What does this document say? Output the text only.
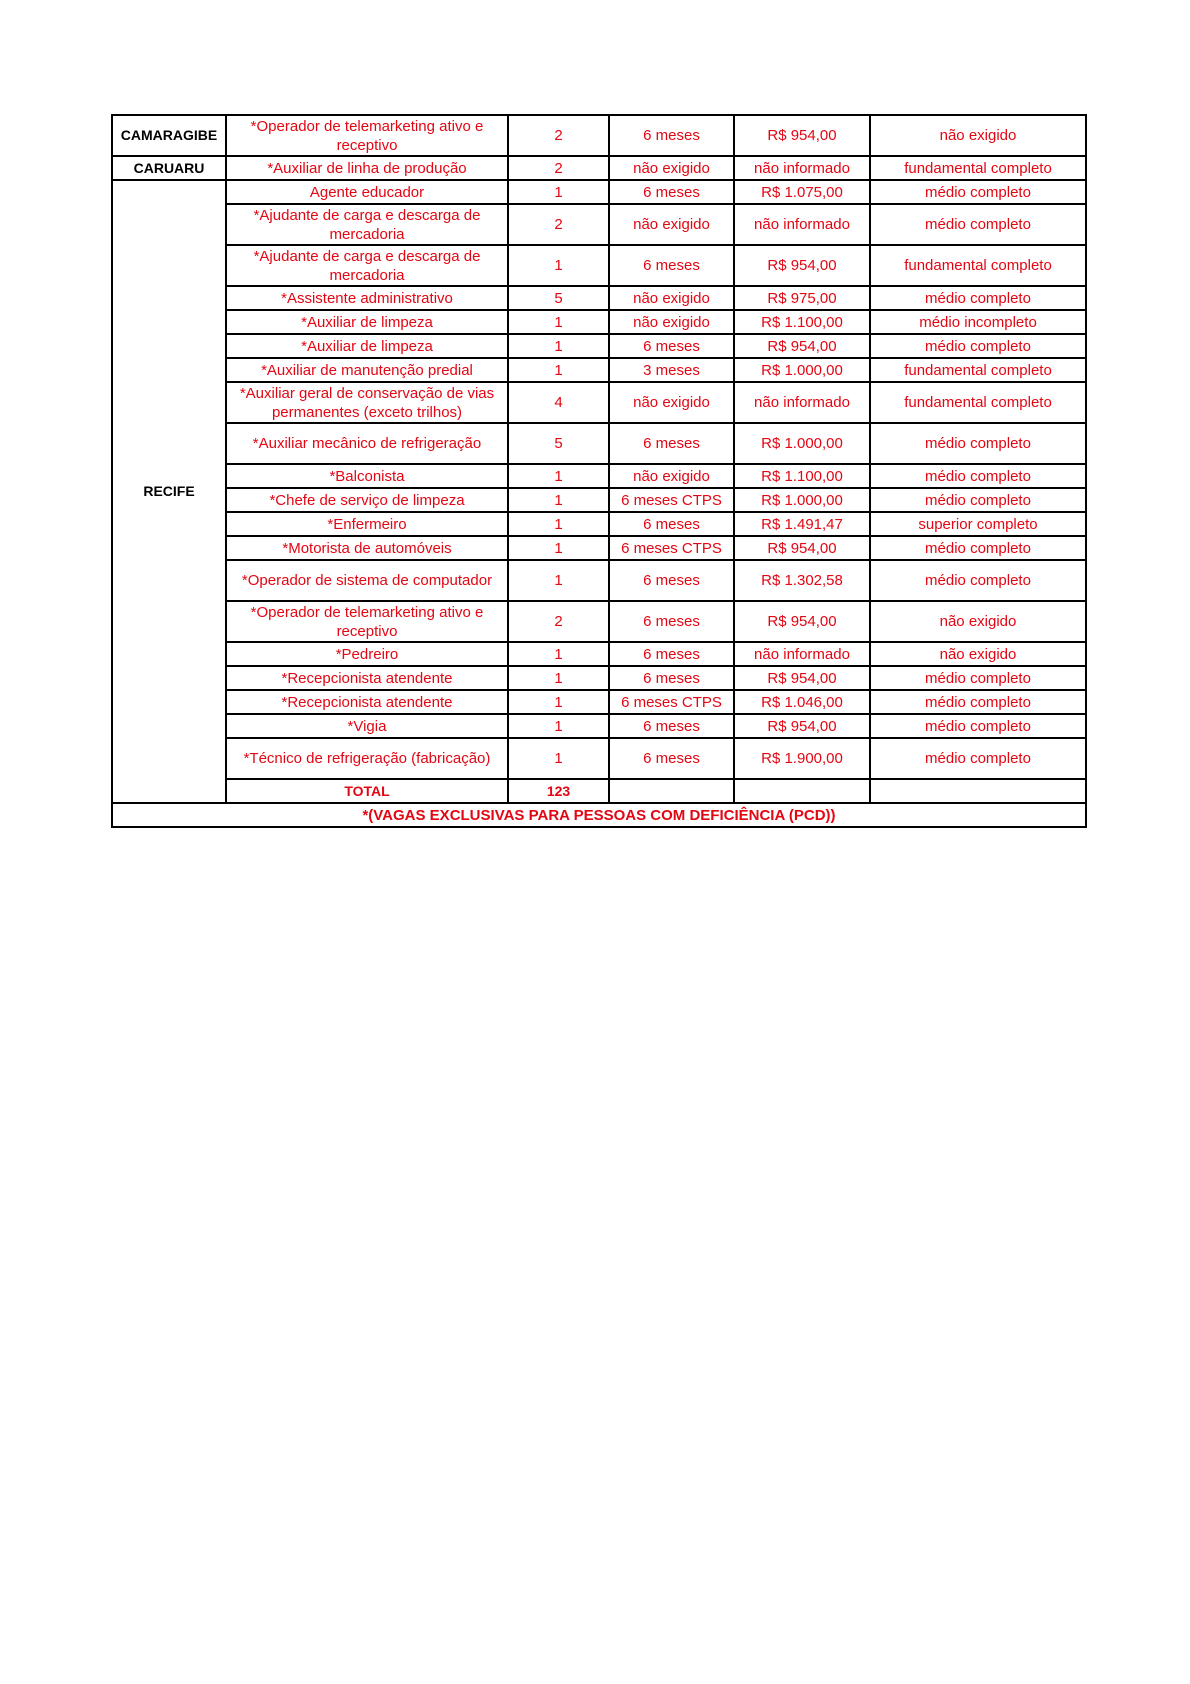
CAMARAGIBE	*Operador de telemarketing ativo e receptivo	2	6 meses	R$ 954,00	não exigido
CARUARU	*Auxiliar de linha de produção	2	não exigido	não informado	fundamental completo
RECIFE	Agente educador	1	6 meses	R$ 1.075,00	médio completo
	*Ajudante de carga e descarga de mercadoria	2	não exigido	não informado	médio completo
	*Ajudante de carga e descarga de mercadoria	1	6 meses	R$ 954,00	fundamental completo
	*Assistente administrativo	5	não exigido	R$ 975,00	médio completo
	*Auxiliar de limpeza	1	não exigido	R$ 1.100,00	médio incompleto
	*Auxiliar de limpeza	1	6 meses	R$ 954,00	médio completo
	*Auxiliar de manutenção predial	1	3 meses	R$ 1.000,00	fundamental completo
	*Auxiliar geral de conservação de vias permanentes (exceto trilhos)	4	não exigido	não informado	fundamental completo
	*Auxiliar mecânico de refrigeração	5	6 meses	R$ 1.000,00	médio completo
	*Balconista	1	não exigido	R$ 1.100,00	médio completo
	*Chefe de serviço de limpeza	1	6 meses CTPS	R$ 1.000,00	médio completo
	*Enfermeiro	1	6 meses	R$ 1.491,47	superior completo
	*Motorista de automóveis	1	6 meses CTPS	R$ 954,00	médio completo
	*Operador de sistema de computador	1	6 meses	R$ 1.302,58	médio completo
	*Operador de telemarketing ativo e receptivo	2	6 meses	R$ 954,00	não exigido
	*Pedreiro	1	6 meses	não informado	não exigido
	*Recepcionista atendente	1	6 meses	R$ 954,00	médio completo
	*Recepcionista atendente	1	6 meses CTPS	R$ 1.046,00	médio completo
	*Vigia	1	6 meses	R$ 954,00	médio completo
	*Técnico de refrigeração (fabricação)	1	6 meses	R$ 1.900,00	médio completo
	TOTAL	123			
*(VAGAS EXCLUSIVAS PARA PESSOAS COM DEFICIÊNCIA (PCD))					
